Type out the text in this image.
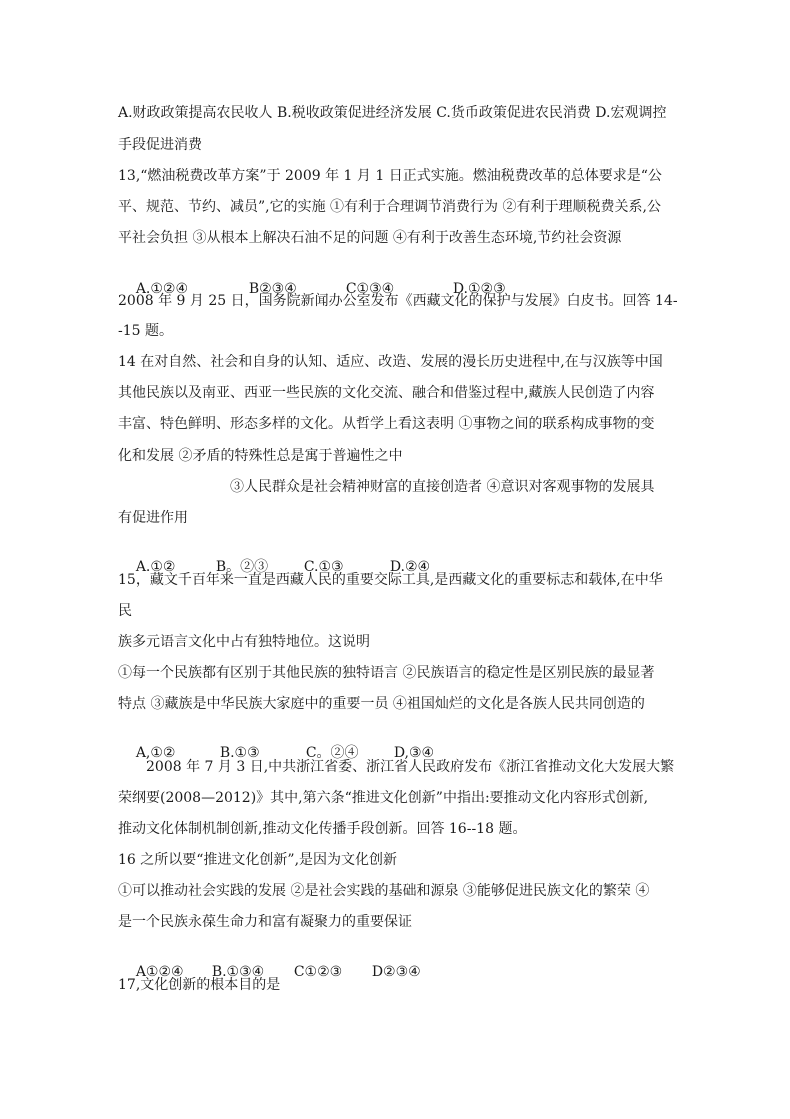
A.财政政策提高农民收人 B.税收政策促进经济发展 C.货币政策促进农民消费 D.宏观调控
手段促进消费
13,“燃油税费改革方案”于 2009 年 1 月 1 日正式实施。燃油税费改革的总体要求是“公
平、规范、节约、减员”,它的实施 ①有利于合理调节消费行为 ②有利于理顺税费关系,公
平社会负担 ③从根本上解决石油不足的问题 ④有利于改善生态环境,节约社会资源

A.①②④	B②③④	C①③④	D.①②③

2008 年 9 月 25 日，国务院新闻办公室发布《西藏文化的保护与发展》白皮书。回答 14-
-15 题。
14 在对自然、社会和自身的认知、适应、改造、发展的漫长历史进程中,在与汉族等中国
其他民族以及南亚、西亚一些民族的文化交流、融合和借鉴过程中,藏族人民创造了内容
丰富、特色鲜明、形态多样的文化。从哲学上看这表明 ①事物之间的联系构成事物的变
化和发展 ②矛盾的特殊性总是寓于普遍性之中
③人民群众是社会精神财富的直接创造者 ④意识对客观事物的发展具
有促进作用

A.①②	B。②③	C.①③	D.②④

15，藏文千百年来一直是西藏人民的重要交际工具,是西藏文化的重要标志和载体,在中华
民
族多元语言文化中占有独特地位。这说明
①每一个民族都有区别于其他民族的独特语言 ②民族语言的稳定性是区别民族的最显著
特点 ③藏族是中华民族大家庭中的重要一员 ④祖国灿烂的文化是各族人民共同创造的

A,①②	B.①③	C。②④	D,③④

2008 年 7 月 3 日,中共浙江省委、浙江省人民政府发布《浙江省推动文化大发展大繁
荣纲要(2008—2012)》其中,第六条“推进文化创新”中指出:要推动文化内容形式创新,
推动文化体制机制创新,推动文化传播手段创新。回答 16--18 题。
16 之所以要“推进文化创新”,是因为文化创新
①可以推动社会实践的发展 ②是社会实践的基础和源泉 ③能够促进民族文化的繁荣 ④
是一个民族永葆生命力和富有凝聚力的重要保证

A①②④ B.①③④ C①②③ D②③④

17,文化创新的根本目的是
